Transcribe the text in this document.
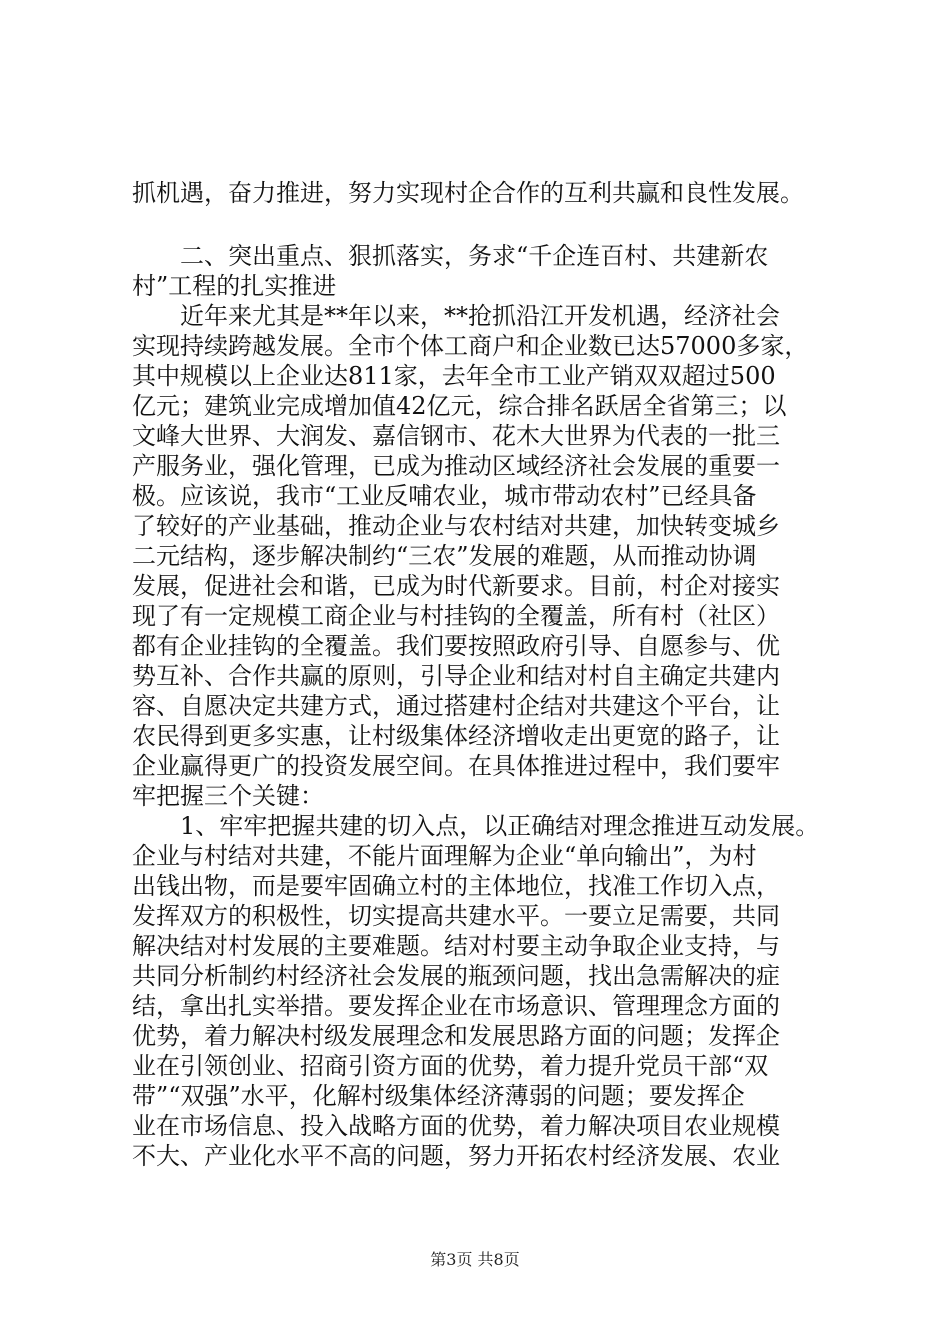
抓机遇，奋力推进，努力实现村企合作的互利共赢和良性发展。

二、突出重点、狠抓落实，务求“千企连百村、共建新农

村”工程的扎实推进

近年来尤其是**年以来，**抢抓沿江开发机遇，经济社会

实现持续跨越发展。全市个体工商户和企业数已达57000多家，

其中规模以上企业达811家，去年全市工业产销双双超过500

亿元；建筑业完成增加值42亿元，综合排名跃居全省第三；以

文峰大世界、大润发、嘉信钢市、花木大世界为代表的一批三

产服务业，强化管理，已成为推动区域经济社会发展的重要一

极。应该说，我市“工业反哺农业，城市带动农村”已经具备

了较好的产业基础，推动企业与农村结对共建，加快转变城乡

二元结构，逐步解决制约“三农”发展的难题，从而推动协调

发展，促进社会和谐，已成为时代新要求。目前，村企对接实

现了有一定规模工商企业与村挂钩的全覆盖，所有村（社区）

都有企业挂钩的全覆盖。我们要按照政府引导、自愿参与、优

势互补、合作共赢的原则，引导企业和结对村自主确定共建内

容、自愿决定共建方式，通过搭建村企结对共建这个平台，让

农民得到更多实惠，让村级集体经济增收走出更宽的路子，让

企业赢得更广的投资发展空间。在具体推进过程中，我们要牢

牢把握三个关键：

1、牢牢把握共建的切入点，以正确结对理念推进互动发展。

企业与村结对共建，不能片面理解为企业“单向输出”，为村

出钱出物，而是要牢固确立村的主体地位，找准工作切入点，

发挥双方的积极性，切实提高共建水平。一要立足需要，共同

解决结对村发展的主要难题。结对村要主动争取企业支持，与

共同分析制约村经济社会发展的瓶颈问题，找出急需解决的症

结，拿出扎实举措。要发挥企业在市场意识、管理理念方面的

优势，着力解决村级发展理念和发展思路方面的问题；发挥企

业在引领创业、招商引资方面的优势，着力提升党员干部“双

带”“双强”水平，化解村级集体经济薄弱的问题；要发挥企

业在市场信息、投入战略方面的优势，着力解决项目农业规模

不大、产业化水平不高的问题，努力开拓农村经济发展、农业

第3页 共8页
